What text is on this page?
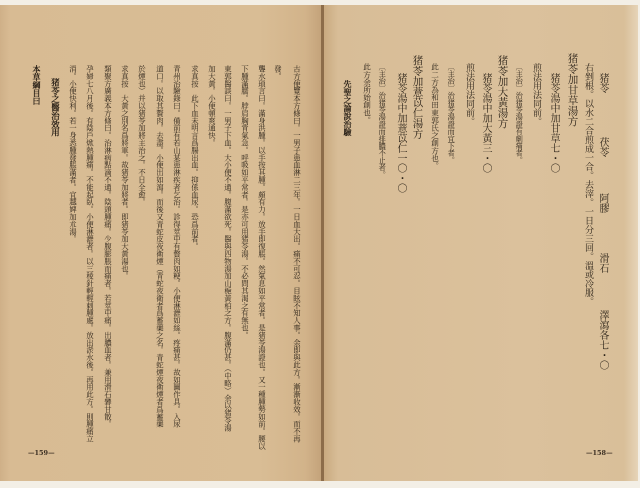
古方便覽本方條曰。一男子患血淋二三年。一日血大出。痛不可忍。目眩不知人事。余即與此方。漸漸收效。而不再
發。
聾水瑣言曰。滿身洪腫。以手按其腫。頗有力。放手即復脹。然氣息如平常者。是猪苓湯證也。又一種腫勢如前。腰以
下腫滿臑。脖肩胸背氣急。呼吸如平常者。是亦可用猪苓湯。不必問其渴之有無也。
東郭醫談曰。一男子下血。大小便不通。腹滿欲死。醫與四物湯加山梔黃柏之方。腹滿仍甚。（中略）余以猪苓湯
加大黃。小便頓爽通快。
求真按　此下血未明言爲腸出血。抑係血尿。恐爲前者。
青州治驗錄曰。備前有若山某患淋疾者乞治。診得莖中有贅肉如粳。小便淋瀝如絲。疼痛甚。故如圖作具。入尿
道口。以取其贅肉。去盡。小便出如瀉。而後又青蛇皮夜衛煙（青蛇夜衛者爲蓄藥之名。青蛇煙夜衛煙者爲蓄藥
於煙也）并以猪苓加將主治之。不日全愈。
求真按　大黃之別名爲將軍。故猪苓加將者。即猪苓加大黃湯也。
類聚方廣義本方條曰。治淋病點滴不通。陰頭腫痛。少腹膨脹而痛者。若莖中痛。出膿血者。兼用滑石礬甘散。
孕婦七八月後。有陰戶焮熱腫痛。不能起臥。小便淋瀝者。以三稜針輕輕刺腫處。放出淤水後。再用此方。則腫痛立
消。小便快利。若一身悉腫發脹滿者。宜越婢加朮湯。
猪苓之醫治效用
本草綱目曰
—159—
猪苓
茯苓
阿膠
滑石
澤瀉各七・〇
右剉根。以水二合煎成一合。去滓。一日分三回。溫或冷服。
猪苓加甘草湯方
猪苓湯中加甘草七・〇
煎法用法同前。
〔主治〕治猪苓湯證有劇痛者。
猪苓加大黃湯方
猪苓湯中加大黃三・〇
煎法用法同前。
〔主治〕治猪苓湯證而宜下者。
此二方為和田東郭氏之創方也。
猪苓加薏苡仁湯方
猪苓湯中加薏苡仁一〇・〇
〔主治〕治猪苓湯證而排膿不止者。
此方余所始創也。
先聖之論說治驗
—158—
